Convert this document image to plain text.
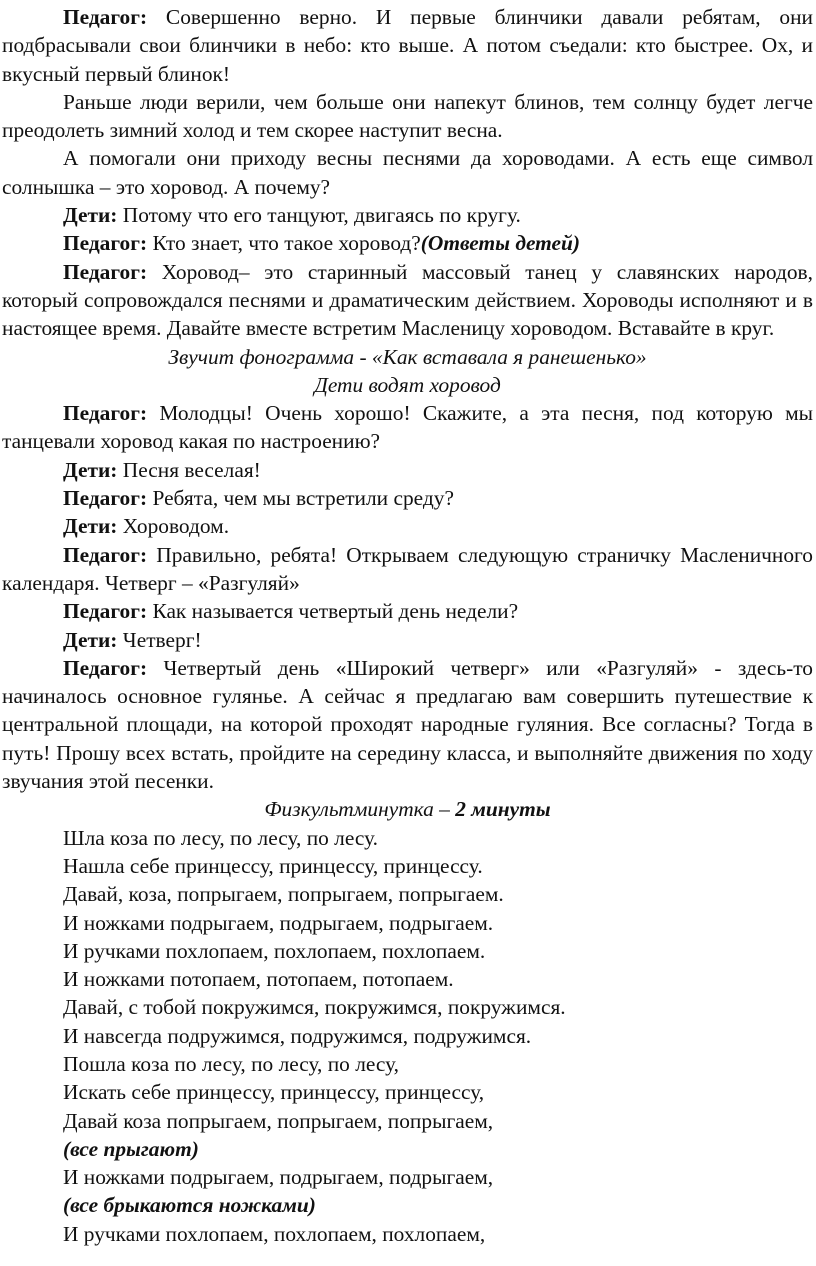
Педагог: Совершенно верно. И первые блинчики давали ребятам, они подбрасывали свои блинчики в небо: кто выше. А потом съедали: кто быстрее. Ох, и вкусный первый блинок!

Раньше люди верили, чем больше они напекут блинов, тем солнцу будет легче преодолеть зимний холод и тем скорее наступит весна.

А помогали они приходу весны песнями да хороводами. А есть еще символ солнышка – это хоровод. А почему?

Дети: Потому что его танцуют, двигаясь по кругу.

Педагог: Кто знает, что такое хоровод?(Ответы детей)

Педагог: Хоровод– это старинный массовый танец у славянских народов, который сопровождался песнями и драматическим действием. Хороводы исполняют и в настоящее время. Давайте вместе встретим Масленицу хороводом. Вставайте в круг.

Звучит фонограмма - «Как вставала я ранешенько»

Дети водят хоровод

Педагог: Молодцы! Очень хорошо! Скажите, а эта песня, под которую мы танцевали хоровод какая по настроению?

Дети: Песня веселая!

Педагог: Ребята, чем мы встретили среду?

Дети: Хороводом.

Педагог: Правильно, ребята! Открываем следующую страничку Масленичного календаря. Четверг – «Разгуляй»

Педагог: Как называется четвертый день недели?

Дети: Четверг!

Педагог: Четвертый день «Широкий четверг» или «Разгуляй» - здесь-то начиналось основное гулянье. А сейчас я предлагаю вам совершить путешествие к центральной площади, на которой проходят народные гуляния. Все согласны? Тогда в путь! Прошу всех встать, пройдите на середину класса, и выполняйте движения по ходу звучания этой песенки.

Физкультминутка – 2 минуты

Шла коза по лесу, по лесу, по лесу.

Нашла себе принцессу, принцессу, принцессу.

Давай, коза, попрыгаем, попрыгаем, попрыгаем.

И ножками подрыгаем, подрыгаем, подрыгаем.

И ручками похлопаем, похлопаем, похлопаем.

И ножками потопаем, потопаем, потопаем.

Давай, с тобой покружимся, покружимся, покружимся.

И навсегда подружимся, подружимся, подружимся.

Пошла коза по лесу, по лесу, по лесу,

Искать себе принцессу, принцессу, принцессу,

Давай коза попрыгаем, попрыгаем, попрыгаем,

(все прыгают)

И ножками подрыгаем, подрыгаем, подрыгаем,

(все брыкаются ножками)

И ручками похлопаем, похлопаем, похлопаем,
